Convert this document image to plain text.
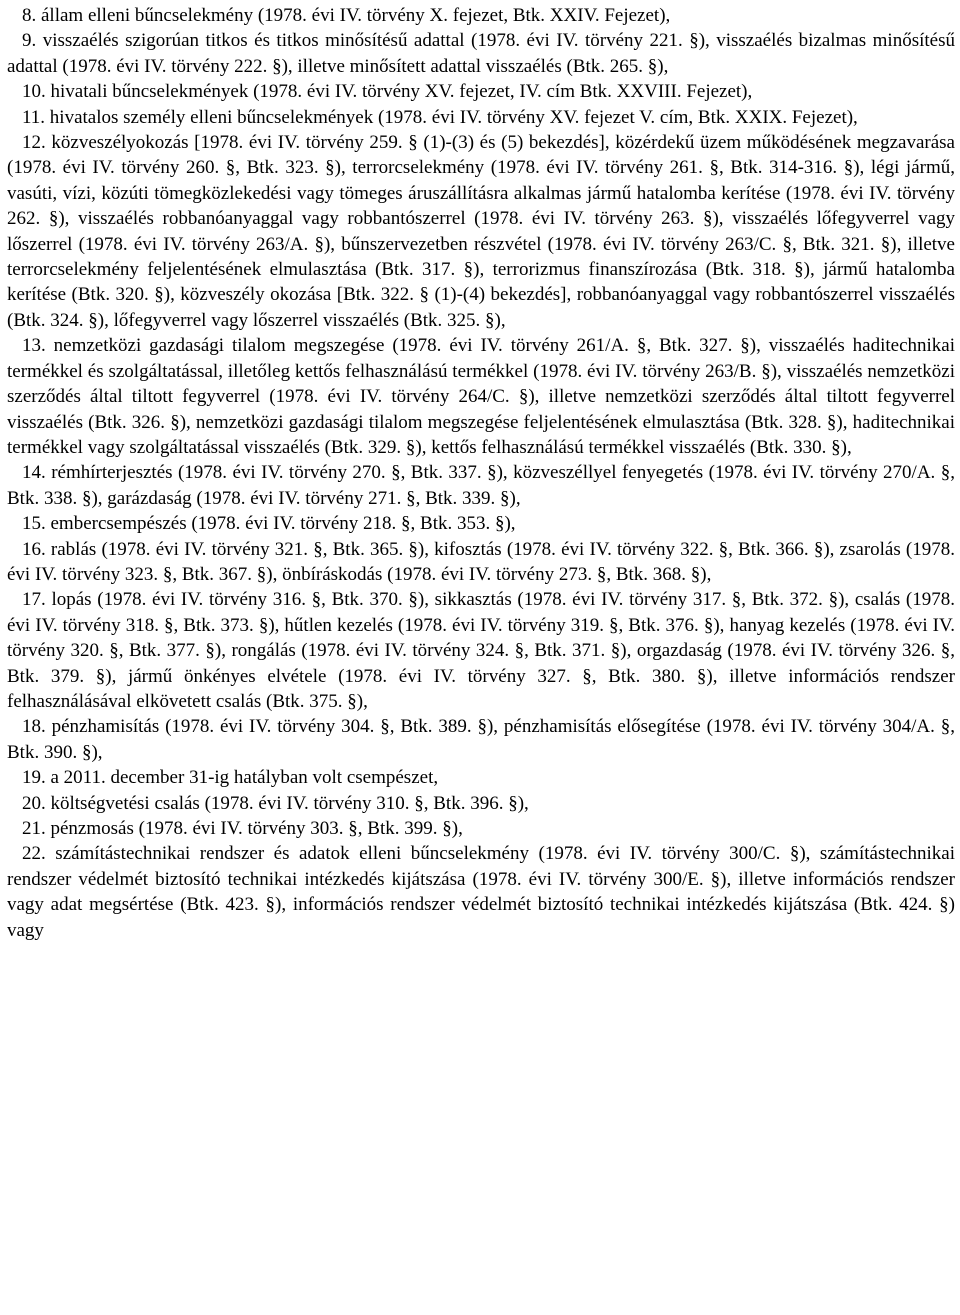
8. állam elleni bűncselekmény (1978. évi IV. törvény X. fejezet, Btk. XXIV. Fejezet),

9. visszaélés szigorúan titkos és titkos minősítésű adattal (1978. évi IV. törvény 221. §), visszaélés bizalmas minősítésű adattal (1978. évi IV. törvény 222. §), illetve minősített adattal visszaélés (Btk. 265. §),

10. hivatali bűncselekmények (1978. évi IV. törvény XV. fejezet, IV. cím Btk. XXVIII. Fejezet),

11. hivatalos személy elleni bűncselekmények (1978. évi IV. törvény XV. fejezet V. cím, Btk. XXIX. Fejezet),

12. közveszélyokozás [1978. évi IV. törvény 259. § (1)-(3) és (5) bekezdés], közérdekű üzem működésének megzavarása (1978. évi IV. törvény 260. §, Btk. 323. §), terrorcselekmény (1978. évi IV. törvény 261. §, Btk. 314-316. §), légi jármű, vasúti, vízi, közúti tömegközlekedési vagy tömeges áruszállításra alkalmas jármű hatalomba kerítése (1978. évi IV. törvény 262. §), visszaélés robbanóanyaggal vagy robbantószerrel (1978. évi IV. törvény 263. §), visszaélés lőfegyverrel vagy lőszerrel (1978. évi IV. törvény 263/A. §), bűnszervezetben részvétel (1978. évi IV. törvény 263/C. §, Btk. 321. §), illetve terrorcselekmény feljelentésének elmulasztása (Btk. 317. §), terrorizmus finanszírozása (Btk. 318. §), jármű hatalomba kerítése (Btk. 320. §), közveszély okozása [Btk. 322. § (1)-(4) bekezdés], robbanóanyaggal vagy robbantószerrel visszaélés (Btk. 324. §), lőfegyverrel vagy lőszerrel visszaélés (Btk. 325. §),

13. nemzetközi gazdasági tilalom megszegése (1978. évi IV. törvény 261/A. §, Btk. 327. §), visszaélés haditechnikai termékkel és szolgáltatással, illetőleg kettős felhasználású termékkel (1978. évi IV. törvény 263/B. §), visszaélés nemzetközi szerződés által tiltott fegyverrel (1978. évi IV. törvény 264/C. §), illetve nemzetközi szerződés által tiltott fegyverrel visszaélés (Btk. 326. §), nemzetközi gazdasági tilalom megszegése feljelentésének elmulasztása (Btk. 328. §), haditechnikai termékkel vagy szolgáltatással visszaélés (Btk. 329. §), kettős felhasználású termékkel visszaélés (Btk. 330. §),

14. rémhírterjesztés (1978. évi IV. törvény 270. §, Btk. 337. §), közveszéllyel fenyegetés (1978. évi IV. törvény 270/A. §, Btk. 338. §), garázdaság (1978. évi IV. törvény 271. §, Btk. 339. §),

15. embercsempészés (1978. évi IV. törvény 218. §, Btk. 353. §),

16. rablás (1978. évi IV. törvény 321. §, Btk. 365. §), kifosztás (1978. évi IV. törvény 322. §, Btk. 366. §), zsarolás (1978. évi IV. törvény 323. §, Btk. 367. §), önbíráskodás (1978. évi IV. törvény 273. §, Btk. 368. §),

17. lopás (1978. évi IV. törvény 316. §, Btk. 370. §), sikkasztás (1978. évi IV. törvény 317. §, Btk. 372. §), csalás (1978. évi IV. törvény 318. §, Btk. 373. §), hűtlen kezelés (1978. évi IV. törvény 319. §, Btk. 376. §), hanyag kezelés (1978. évi IV. törvény 320. §, Btk. 377. §), rongálás (1978. évi IV. törvény 324. §, Btk. 371. §), orgazdaság (1978. évi IV. törvény 326. §, Btk. 379. §), jármű önkényes elvétele (1978. évi IV. törvény 327. §, Btk. 380. §), illetve információs rendszer felhasználásával elkövetett csalás (Btk. 375. §),

18. pénzhamisítás (1978. évi IV. törvény 304. §, Btk. 389. §), pénzhamisítás elősegítése (1978. évi IV. törvény 304/A. §, Btk. 390. §),

19. a 2011. december 31-ig hatályban volt csempészet,

20. költségvetési csalás (1978. évi IV. törvény 310. §, Btk. 396. §),

21. pénzmosás (1978. évi IV. törvény 303. §, Btk. 399. §),

22. számítástechnikai rendszer és adatok elleni bűncselekmény (1978. évi IV. törvény 300/C. §), számítástechnikai rendszer védelmét biztosító technikai intézkedés kijátszása (1978. évi IV. törvény 300/E. §), illetve információs rendszer vagy adat megsértése (Btk. 423. §), információs rendszer védelmét biztosító technikai intézkedés kijátszása (Btk. 424. §) vagy
